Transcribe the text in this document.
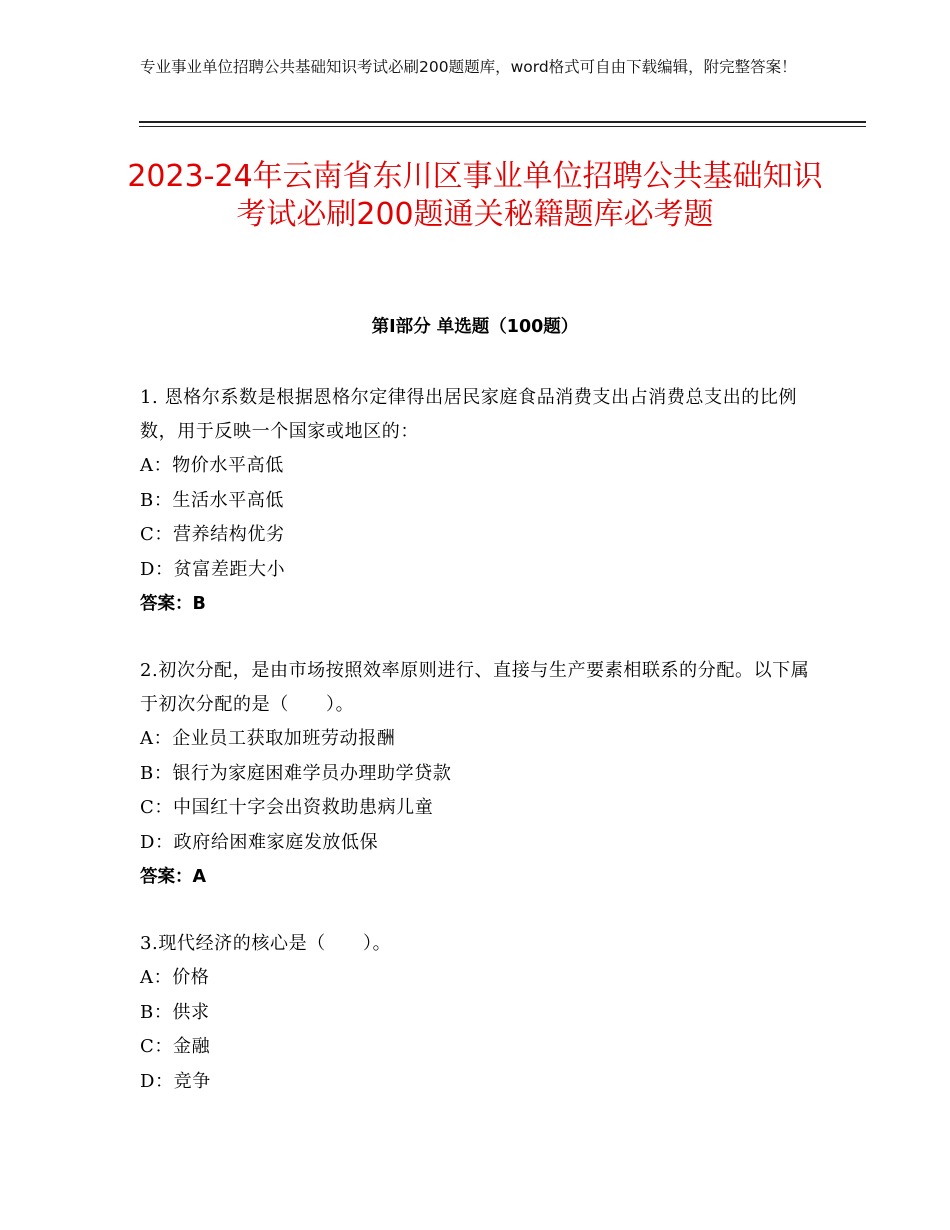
专业事业单位招聘公共基础知识考试必刷200题题库，word格式可自由下载编辑，附完整答案！
2023-24年云南省东川区事业单位招聘公共基础知识考试必刷200题通关秘籍题库必考题
第I部分 单选题（100题）
1. 恩格尔系数是根据恩格尔定律得出居民家庭食品消费支出占消费总支出的比例数，用于反映一个国家或地区的：
A：物价水平高低
B：生活水平高低
C：营养结构优劣
D：贫富差距大小
答案：B
2.初次分配，是由市场按照效率原则进行、直接与生产要素相联系的分配。以下属于初次分配的是（　　）。
A：企业员工获取加班劳动报酬
B：银行为家庭困难学员办理助学贷款
C：中国红十字会出资救助患病儿童
D：政府给困难家庭发放低保
答案：A
3.现代经济的核心是（　　）。
A：价格
B：供求
C：金融
D：竞争
